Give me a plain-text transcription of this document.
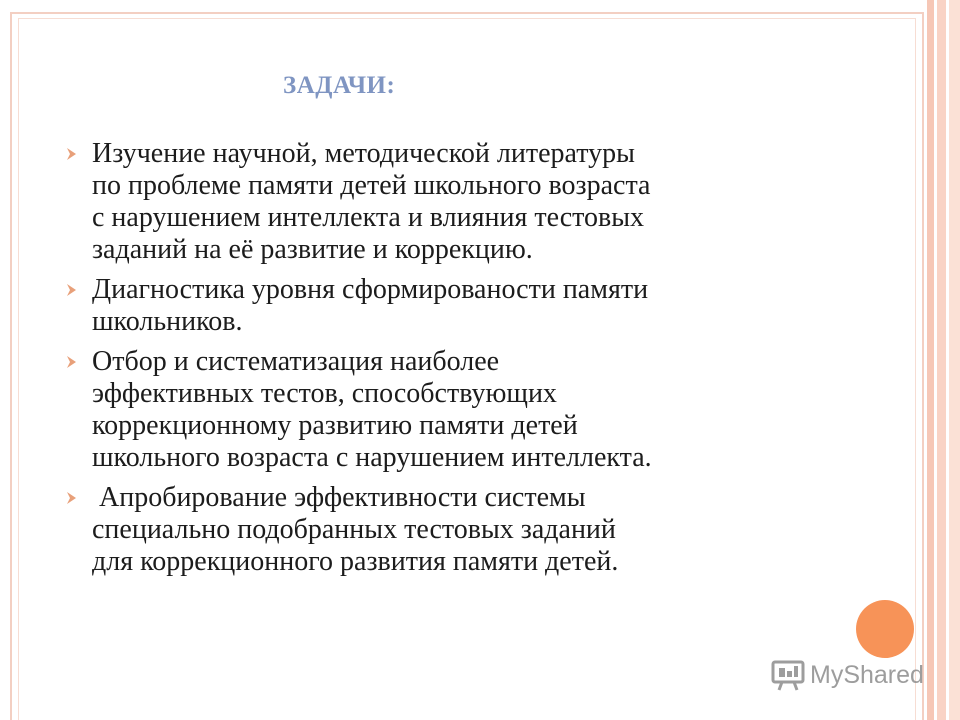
ЗАДАЧИ:
Изучение научной, методической литературы
по проблеме памяти детей школьного возраста
с нарушением интеллекта и влияния тестовых
заданий на её развитие и коррекцию.
Диагностика уровня сформированости памяти
школьников.
Отбор и систематизация наиболее
эффективных тестов, способствующих
коррекционному развитию памяти детей
школьного возраста с нарушением интеллекта.
Апробирование эффективности системы
специально подобранных тестовых заданий
для коррекционного развития памяти детей.
MyShared
